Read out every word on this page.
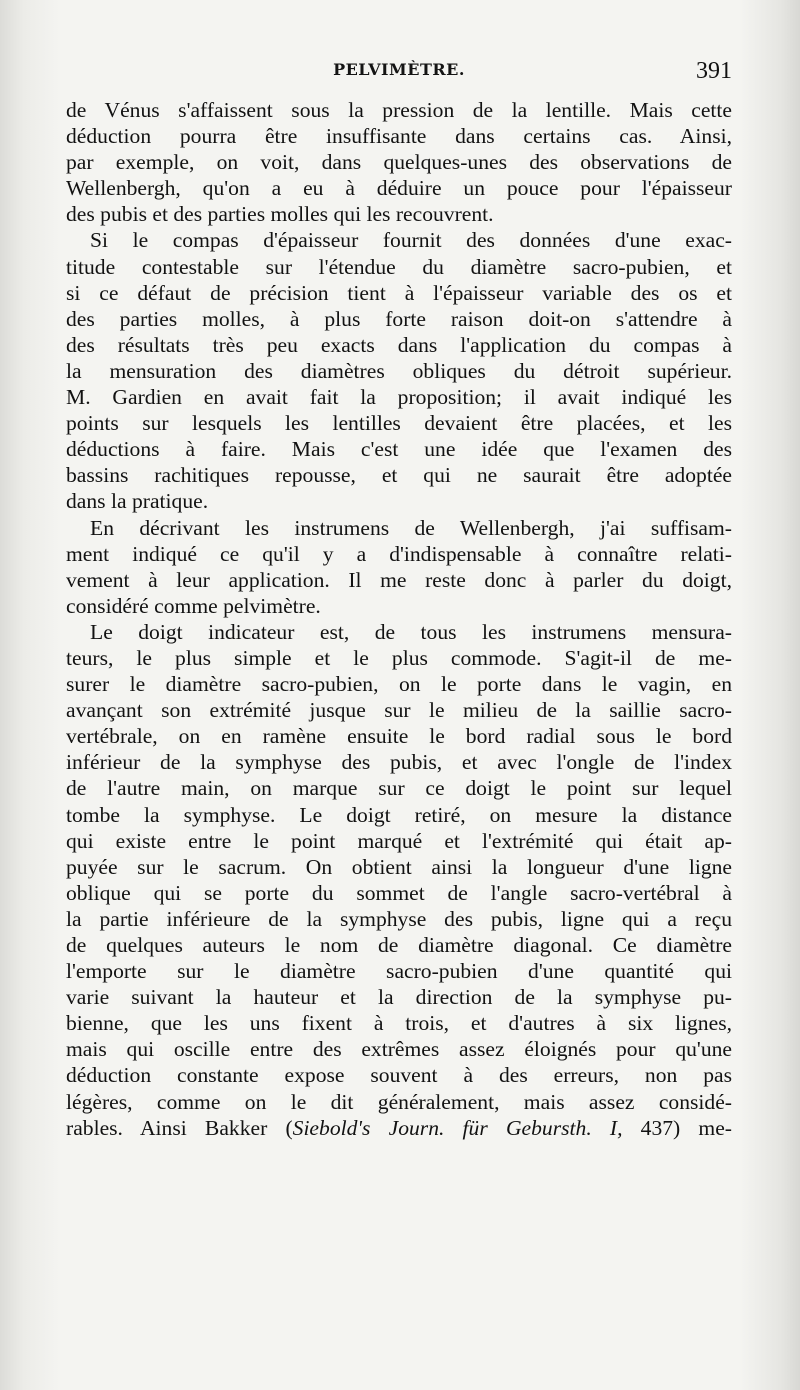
PELVIMÈTRE.	391
de Vénus s'affaissent sous la pression de la lentille. Mais cette
déduction pourra être insuffisante dans certains cas. Ainsi,
par exemple, on voit, dans quelques-unes des observations de
Wellenbergh, qu'on a eu à déduire un pouce pour l'épaisseur
des pubis et des parties molles qui les recouvrent.
Si le compas d'épaisseur fournit des données d'une exac-
titude contestable sur l'étendue du diamètre sacro-pubien, et
si ce défaut de précision tient à l'épaisseur variable des os et
des parties molles, à plus forte raison doit-on s'attendre à
des résultats très peu exacts dans l'application du compas à
la mensuration des diamètres obliques du détroit supérieur.
M. Gardien en avait fait la proposition; il avait indiqué les
points sur lesquels les lentilles devaient être placées, et les
déductions à faire. Mais c'est une idée que l'examen des
bassins rachitiques repousse, et qui ne saurait être adoptée
dans la pratique.
En décrivant les instrumens de Wellenbergh, j'ai suffisam-
ment indiqué ce qu'il y a d'indispensable à connaître relati-
vement à leur application. Il me reste donc à parler du doigt,
considéré comme pelvimètre.
Le doigt indicateur est, de tous les instrumens mensura-
teurs, le plus simple et le plus commode. S'agit-il de me-
surer le diamètre sacro-pubien, on le porte dans le vagin, en
avançant son extrémité jusque sur le milieu de la saillie sacro-
vertébrale, on en ramène ensuite le bord radial sous le bord
inférieur de la symphyse des pubis, et avec l'ongle de l'index
de l'autre main, on marque sur ce doigt le point sur lequel
tombe la symphyse. Le doigt retiré, on mesure la distance
qui existe entre le point marqué et l'extrémité qui était ap-
puyée sur le sacrum. On obtient ainsi la longueur d'une ligne
oblique qui se porte du sommet de l'angle sacro-vertébral à
la partie inférieure de la symphyse des pubis, ligne qui a reçu
de quelques auteurs le nom de diamètre diagonal. Ce diamètre
l'emporte sur le diamètre sacro-pubien d'une quantité qui
varie suivant la hauteur et la direction de la symphyse pu-
bienne, que les uns fixent à trois, et d'autres à six lignes,
mais qui oscille entre des extrêmes assez éloignés pour qu'une
déduction constante expose souvent à des erreurs, non pas
légères, comme on le dit généralement, mais assez considé-
rables. Ainsi Bakker (Siebold's Journ. für Gebursth. I, 437) me-
